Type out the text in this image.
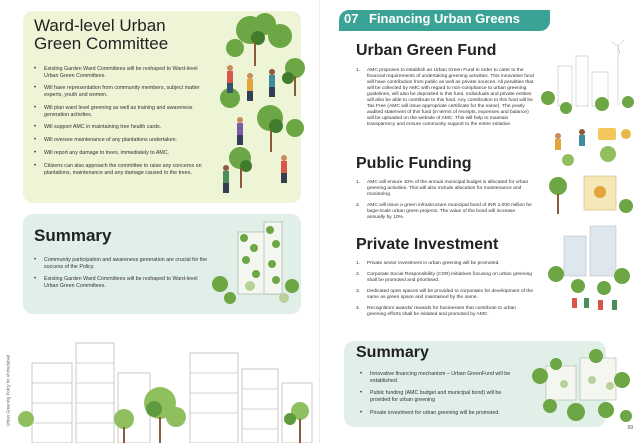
Ward-level Urban Green Committee
• Existing Garden Ward Committees will be reshaped to Ward-level Urban Green Committees.
• Will have representation from community members, subject matter experts, youth and women.
• Will plan ward level greening as well as training and awareness generation activities.
• Will support AMC in maintaining tree health cards.
• Will oversee maintenance of any plantations undertaken.
• Will report any damage to trees, immediately to AMC.
• Citizens can also approach the committee to raise any concerns on plantations, maintenance and any damage caused to the trees.
Summary
• Community participation and awareness generation are crucial for the success of the Policy.
• Existing Garden Ward Committees will be reshaped to Ward-level Urban Green Committees.
Urban Greening Policy for Ahmedabad
07 Financing Urban Greens
Urban Green Fund
1. AMC proposes to establish an Urban Green Fund in order to cater to the financial requirements of undertaking greening activities. This innovative fund will have contribution from public as well as private sources. All penalties that will be collected by AMC with regard to non-compliance to urban greening guidelines, will also be deposited in this fund. Individuals and private entities will also be able to contribute to this fund. Any contribution to this fund will be Tax Free (AMC will issue appropriate certificate for the same). The yearly audited statement of this fund (in terms of receipts, expenses and balance) will be uploaded on the website of AMC. This will help to maintain transparency and ensure community support to the entire initiative.
Public Funding
1. AMC will ensure 10% of the annual municipal budget is allocated for urban greening activities. This will also include allocation for maintenance and monitoring.
2. AMC will issue a green infrastructure municipal bond of INR 2,000 million for large-scale urban green projects. The value of the bond will increase annually by 10%.
Private Investment
1. Private sector investment in urban greening will be promoted.
2. Corporate Social Responsibility (CSR) initiatives focusing on urban greening shall be promoted and prioritised.
3. Dedicated open spaces will be provided to corporates for development of the same as green space and maintained by the same.
4. Recognition/ awards/ rewards for businesses that contribute to urban greening efforts shall be initiated and promoted by AMC.
Summary
• Innovative financing mechanism – Urban GreenFund will be established.
• Public funding (AMC budget and municipal bond) will be provided for urban greening
• Private investment for urban greening will be promoted.
59
